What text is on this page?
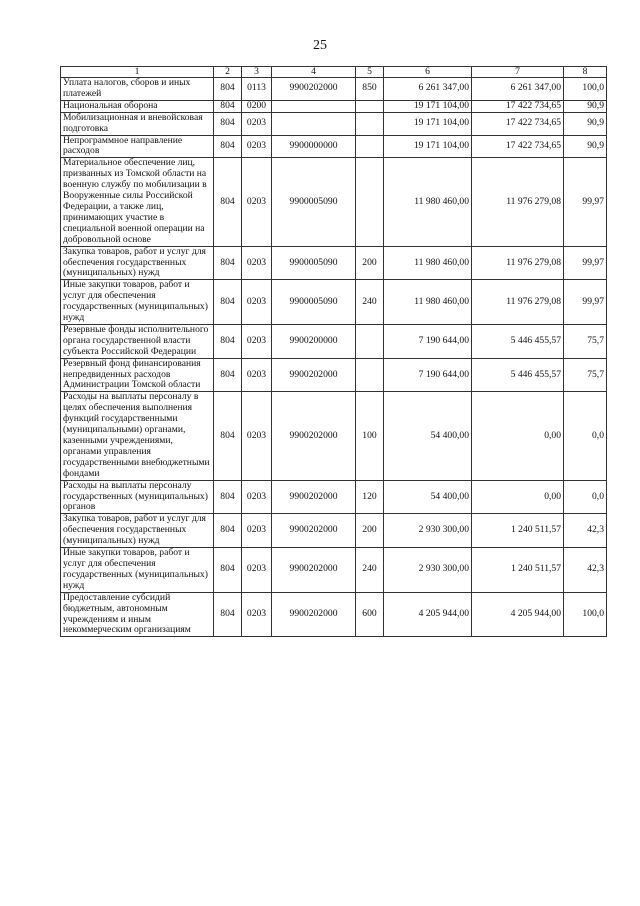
25
1	2	3	4	5	6	7	8
Уплата налогов, сборов и иных платежей	804	0113	9900202000	850	6 261 347,00	6 261 347,00	100,0
Национальная оборона	804	0200			19 171 104,00	17 422 734,65	90,9
Мобилизационная и вневойсковая подготовка	804	0203			19 171 104,00	17 422 734,65	90,9
Непрограммное направление расходов	804	0203	9900000000		19 171 104,00	17 422 734,65	90,9
Материальное обеспечение лиц, призванных из Томской области на военную службу по мобилизации в Вооруженные силы Российской Федерации, а также лиц, принимающих участие в специальной военной операции на добровольной основе	804	0203	9900005090		11 980 460,00	11 976 279,08	99,97
Закупка товаров, работ и услуг для обеспечения государственных (муниципальных) нужд	804	0203	9900005090	200	11 980 460,00	11 976 279,08	99,97
Иные закупки товаров, работ и услуг для обеспечения государственных (муниципальных) нужд	804	0203	9900005090	240	11 980 460,00	11 976 279,08	99,97
Резервные фонды исполнительного органа государственной власти субъекта Российской Федерации	804	0203	9900200000		7 190 644,00	5 446 455,57	75,7
Резервный фонд финансирования непредвиденных расходов Администрации Томской области	804	0203	9900202000		7 190 644,00	5 446 455,57	75,7
Расходы на выплаты персоналу в целях обеспечения выполнения функций государственными (муниципальными) органами, казенными учреждениями, органами управления государственными внебюджетными фондами	804	0203	9900202000	100	54 400,00	0,00	0,0
Расходы на выплаты персоналу государственных (муниципальных) органов	804	0203	9900202000	120	54 400,00	0,00	0,0
Закупка товаров, работ и услуг для обеспечения государственных (муниципальных) нужд	804	0203	9900202000	200	2 930 300,00	1 240 511,57	42,3
Иные закупки товаров, работ и услуг для обеспечения государственных (муниципальных) нужд	804	0203	9900202000	240	2 930 300,00	1 240 511,57	42,3
Предоставление субсидий бюджетным, автономным учреждениям и иным некоммерческим организациям	804	0203	9900202000	600	4 205 944,00	4 205 944,00	100,0
